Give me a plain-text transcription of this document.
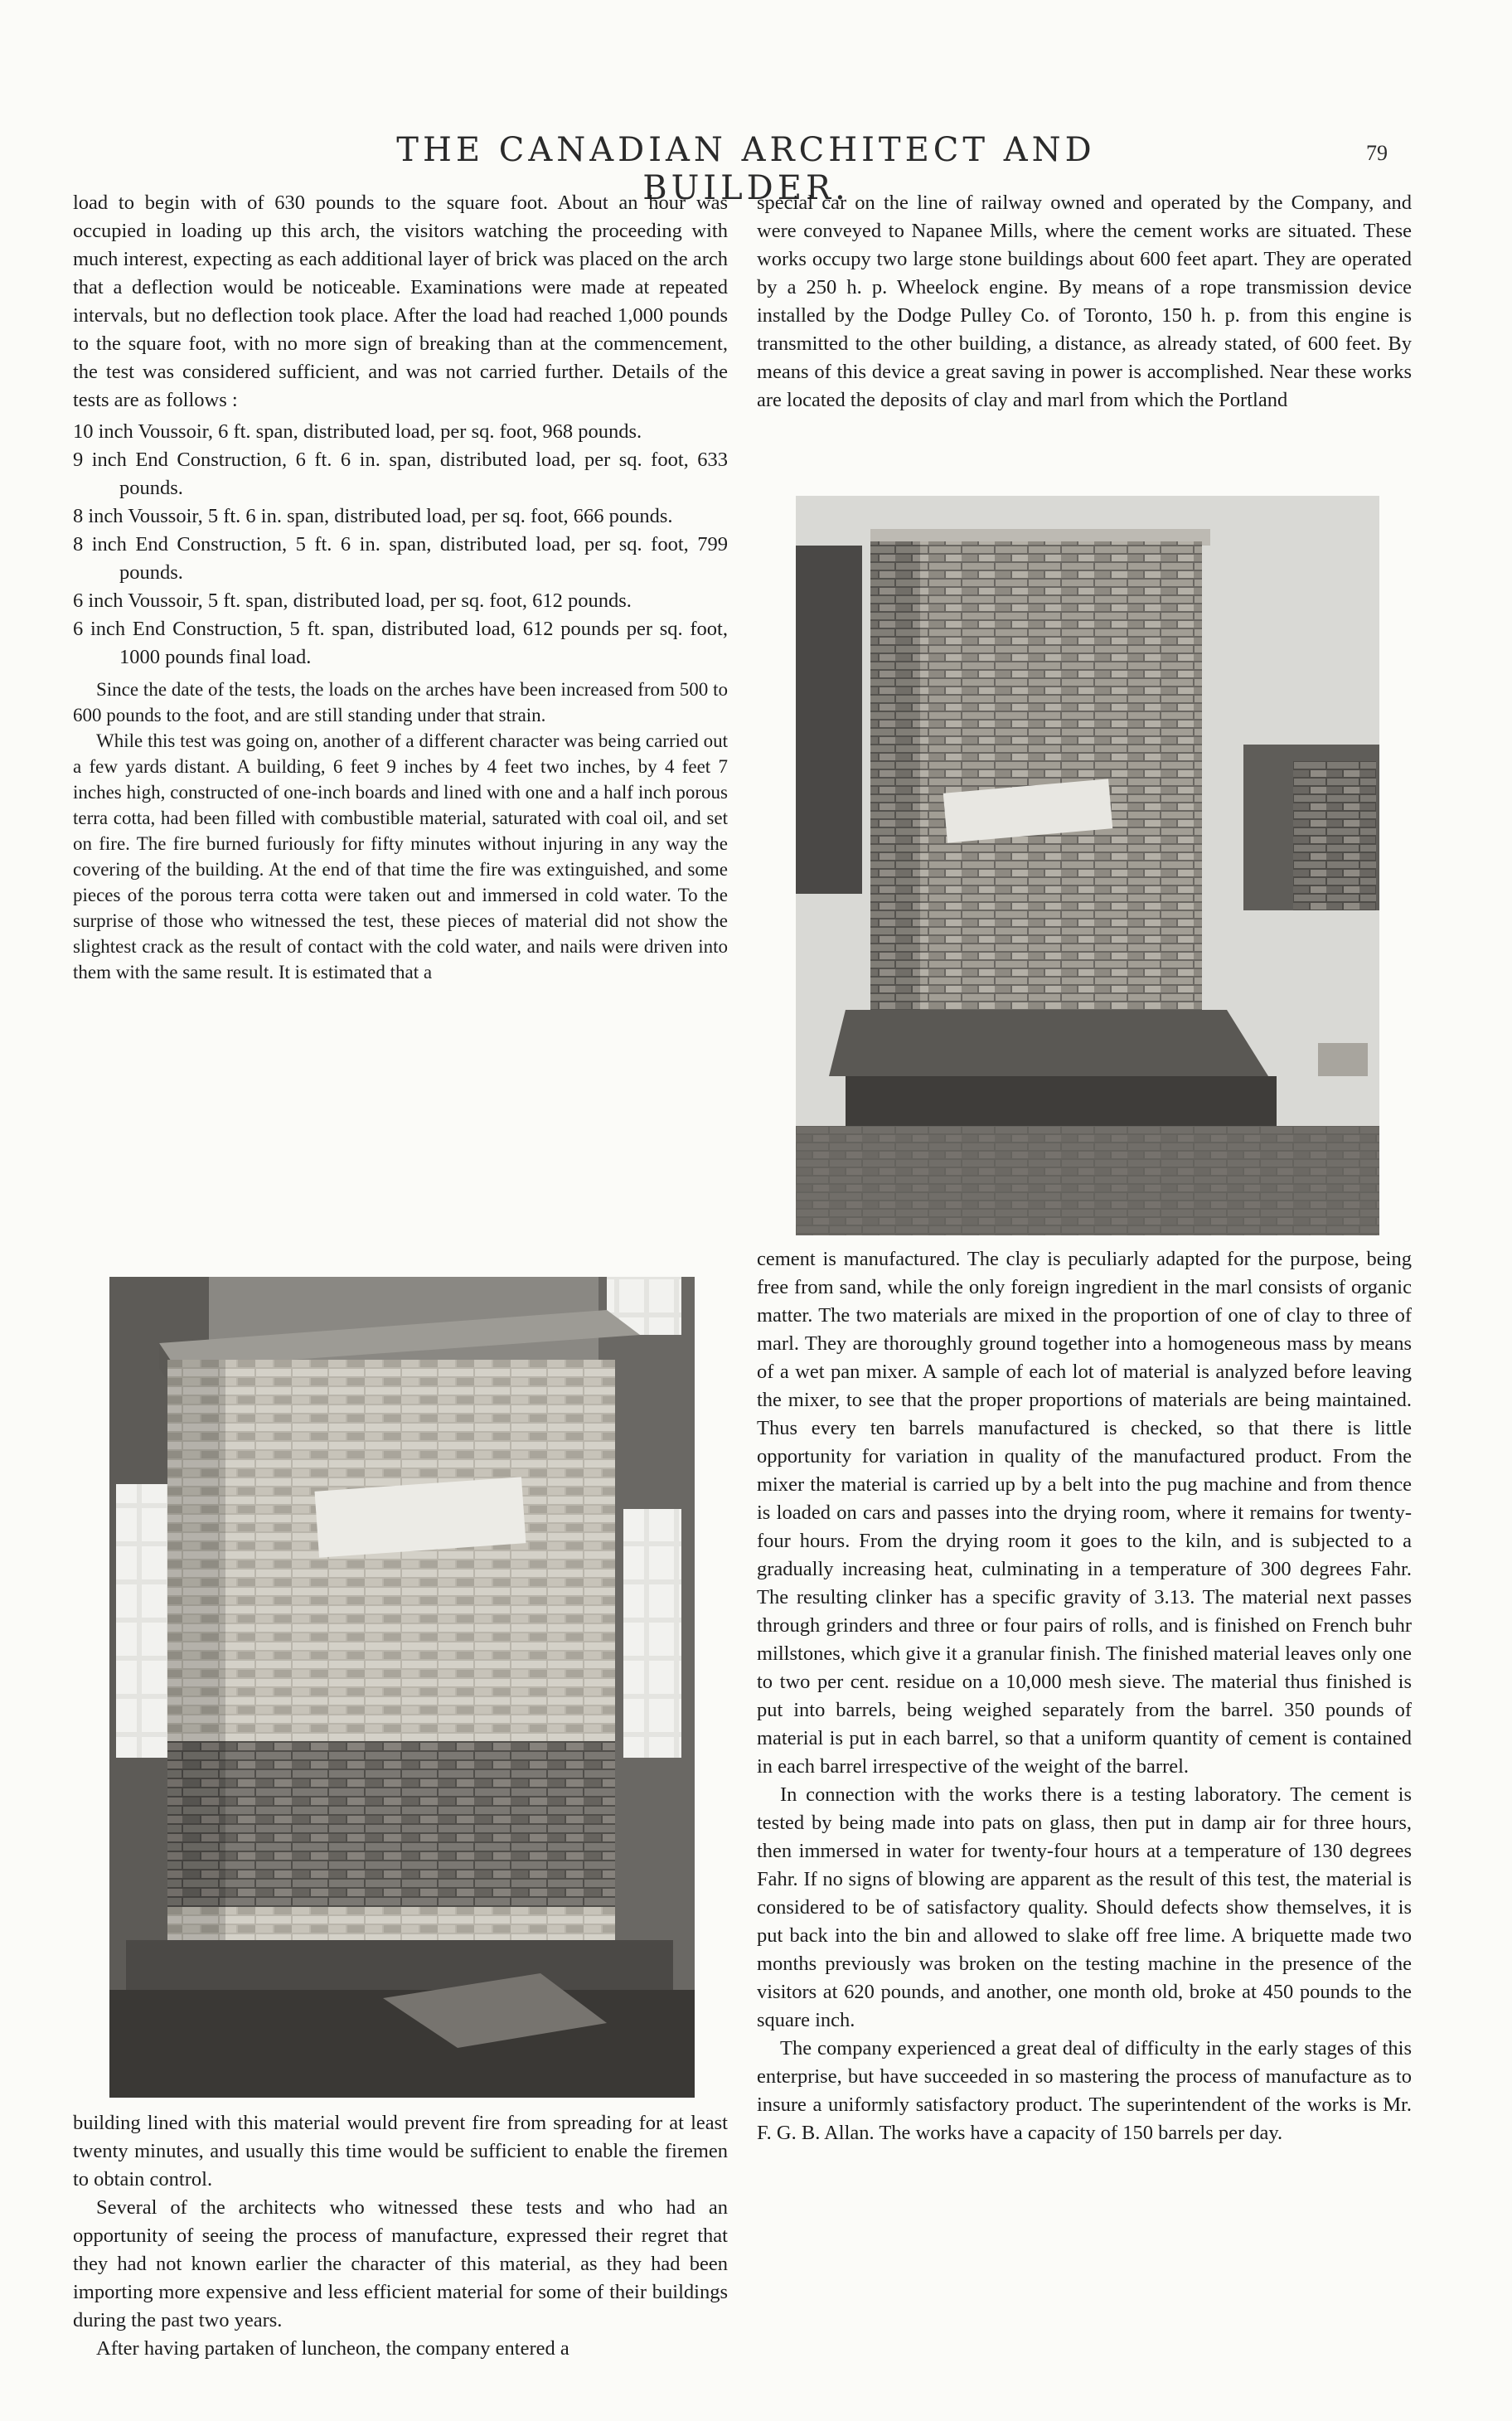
THE CANADIAN ARCHITECT AND BUILDER.
79

load to begin with of 630 pounds to the square foot. About an hour was occupied in loading up this arch, the visitors watching the proceeding with much interest, expecting as each additional layer of brick was placed on the arch that a deflection would be noticeable. Examinations were made at repeated intervals, but no deflection took place. After the load had reached 1,000 pounds to the square foot, with no more sign of breaking than at the commencement, the test was considered sufficient, and was not carried further. Details of the tests are as follows :

10 inch Voussoir, 6 ft. span, distributed load, per sq. foot, 968 pounds.

9 inch End Construction, 6 ft. 6 in. span, distributed load, per sq. foot, 633 pounds.

8 inch Voussoir, 5 ft. 6 in. span, distributed load, per sq. foot, 666 pounds.

8 inch End Construction, 5 ft. 6 in. span, distributed load, per sq. foot, 799 pounds.

6 inch Voussoir, 5 ft. span, distributed load, per sq. foot, 612 pounds.

6 inch End Construction, 5 ft. span, distributed load, 612 pounds per sq. foot, 1000 pounds final load.

Since the date of the tests, the loads on the arches have been increased from 500 to 600 pounds to the foot, and are still standing under that strain.

While this test was going on, another of a different character was being carried out a few yards distant. A building, 6 feet 9 inches by 4 feet two inches, by 4 feet 7 inches high, constructed of one-inch boards and lined with one and a half inch porous terra cotta, had been filled with combustible material, saturated with coal oil, and set on fire. The fire burned furiously for fifty minutes without injuring in any way the covering of the building. At the end of that time the fire was extinguished, and some pieces of the porous terra cotta were taken out and immersed in cold water. To the surprise of those who witnessed the test, these pieces of material did not show the slightest crack as the result of contact with the cold water, and nails were driven into them with the same result. It is estimated that a

building lined with this material would prevent fire from spreading for at least twenty minutes, and usually this time would be sufficient to enable the firemen to obtain control.

Several of the architects who witnessed these tests and who had an opportunity of seeing the process of manufacture, expressed their regret that they had not known earlier the character of this material, as they had been importing more expensive and less efficient material for some of their buildings during the past two years.

After having partaken of luncheon, the company entered a

special car on the line of railway owned and operated by the Company, and were conveyed to Napanee Mills, where the cement works are situated. These works occupy two large stone buildings about 600 feet apart. They are operated by a 250 h. p. Wheelock engine. By means of a rope transmission device installed by the Dodge Pulley Co. of Toronto, 150 h. p. from this engine is transmitted to the other building, a distance, as already stated, of 600 feet. By means of this device a great saving in power is accomplished. Near these works are located the deposits of clay and marl from which the Portland

cement is manufactured. The clay is peculiarly adapted for the purpose, being free from sand, while the only foreign ingredient in the marl consists of organic matter. The two materials are mixed in the proportion of one of clay to three of marl. They are thoroughly ground together into a homogeneous mass by means of a wet pan mixer. A sample of each lot of material is analyzed before leaving the mixer, to see that the proper proportions of materials are being maintained. Thus every ten barrels manufactured is checked, so that there is little opportunity for variation in quality of the manufactured product. From the mixer the material is carried up by a belt into the pug machine and from thence is loaded on cars and passes into the drying room, where it remains for twenty-four hours. From the drying room it goes to the kiln, and is subjected to a gradually increasing heat, culminating in a temperature of 300 degrees Fahr. The resulting clinker has a specific gravity of 3.13. The material next passes through grinders and three or four pairs of rolls, and is finished on French buhr millstones, which give it a granular finish. The finished material leaves only one to two per cent. residue on a 10,000 mesh sieve. The material thus finished is put into barrels, being weighed separately from the barrel. 350 pounds of material is put in each barrel, so that a uniform quantity of cement is contained in each barrel irrespective of the weight of the barrel.

In connection with the works there is a testing laboratory. The cement is tested by being made into pats on glass, then put in damp air for three hours, then immersed in water for twenty-four hours at a temperature of 130 degrees Fahr. If no signs of blowing are apparent as the result of this test, the material is considered to be of satisfactory quality. Should defects show themselves, it is put back into the bin and allowed to slake off free lime. A briquette made two months previously was broken on the testing machine in the presence of the visitors at 620 pounds, and another, one month old, broke at 450 pounds to the square inch.

The company experienced a great deal of difficulty in the early stages of this enterprise, but have succeeded in so mastering the process of manufacture as to insure a uniformly satisfactory product. The superintendent of the works is Mr. F. G. B. Allan. The works have a capacity of 150 barrels per day.
